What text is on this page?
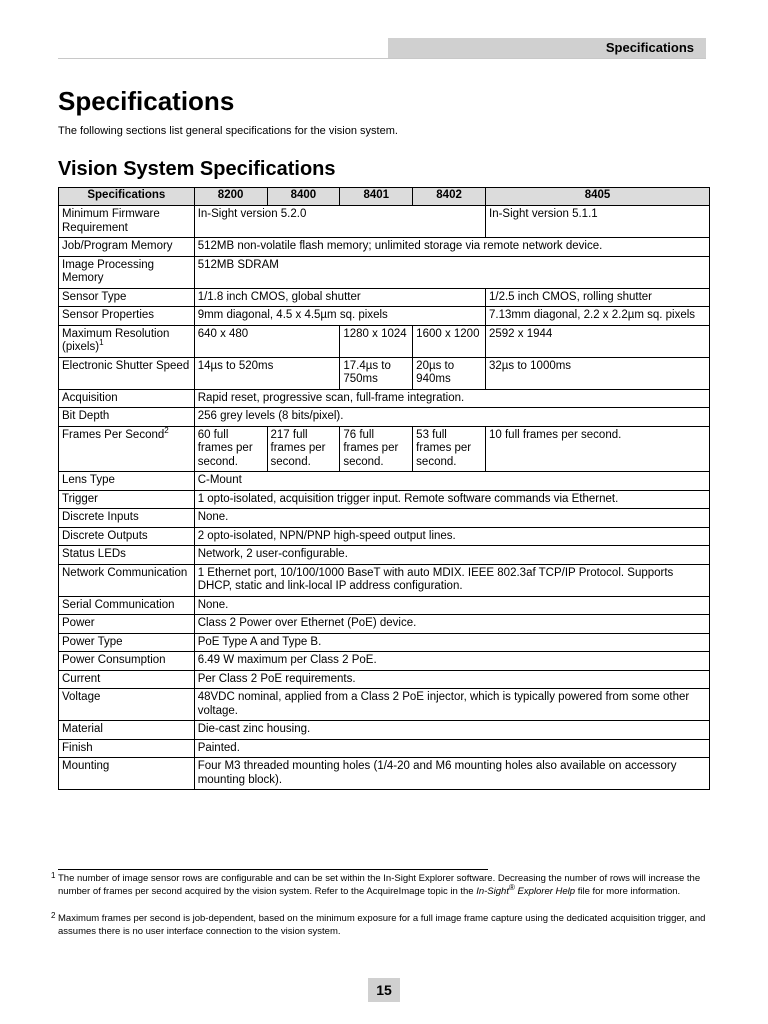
Specifications
Specifications

The following sections list general specifications for the vision system.

Vision System Specifications
Specifications	8200	8400	8401	8402	8405
Minimum Firmware Requirement	In-Sight version 5.2.0				In-Sight version 5.1.1
Job/Program Memory	512MB non-volatile flash memory; unlimited storage via remote network device.				
Image Processing Memory	512MB SDRAM				
Sensor Type	1/1.8 inch CMOS, global shutter				1/2.5 inch CMOS, rolling shutter
Sensor Properties	9mm diagonal, 4.5 x 4.5µm sq. pixels				7.13mm diagonal, 2.2 x 2.2µm sq. pixels
Maximum Resolution (pixels)$^1$	640 x 480		1280 x 1024	1600 x 1200	2592 x 1944
Electronic Shutter Speed	14µs to 520ms		17.4µs to 750ms	20µs to 940ms	32µs to 1000ms
Acquisition	Rapid reset, progressive scan, full-frame integration.				
Bit Depth	256 grey levels (8 bits/pixel).				
Frames Per Second$^2$	60 full frames per second.	217 full frames per second.	76 full frames per second.	53 full frames per second.	10 full frames per second.
Lens Type	C-Mount				
Trigger	1 opto-isolated, acquisition trigger input. Remote software commands via Ethernet.				
Discrete Inputs	None.				
Discrete Outputs	2 opto-isolated, NPN/PNP high-speed output lines.				
Status LEDs	Network, 2 user-configurable.				
Network Communication	1 Ethernet port, 10/100/1000 BaseT with auto MDIX. IEEE 802.3af TCP/IP Protocol. Supports DHCP, static and link-local IP address configuration.				
Serial Communication	None.				
Power	Class 2 Power over Ethernet (PoE) device.				
Power Type	PoE Type A and Type B.				
Power Consumption	6.49 W maximum per Class 2 PoE.				
Current	Per Class 2 PoE requirements.				
Voltage	48VDC nominal, applied from a Class 2 PoE injector, which is typically powered from some other voltage.				
Material	Die-cast zinc housing.				
Finish	Painted.				
Mounting	Four M3 threaded mounting holes (1/4-20 and M6 mounting holes also available on accessory mounting block).				
1 The number of image sensor rows are configurable and can be set within the In-Sight Explorer software. Decreasing the number of rows will increase the number of frames per second acquired by the vision system. Refer to the AcquireImage topic in the In-Sight® Explorer Help file for more information.
2 Maximum frames per second is job-dependent, based on the minimum exposure for a full image frame capture using the dedicated acquisition trigger, and assumes there is no user interface connection to the vision system.
15
